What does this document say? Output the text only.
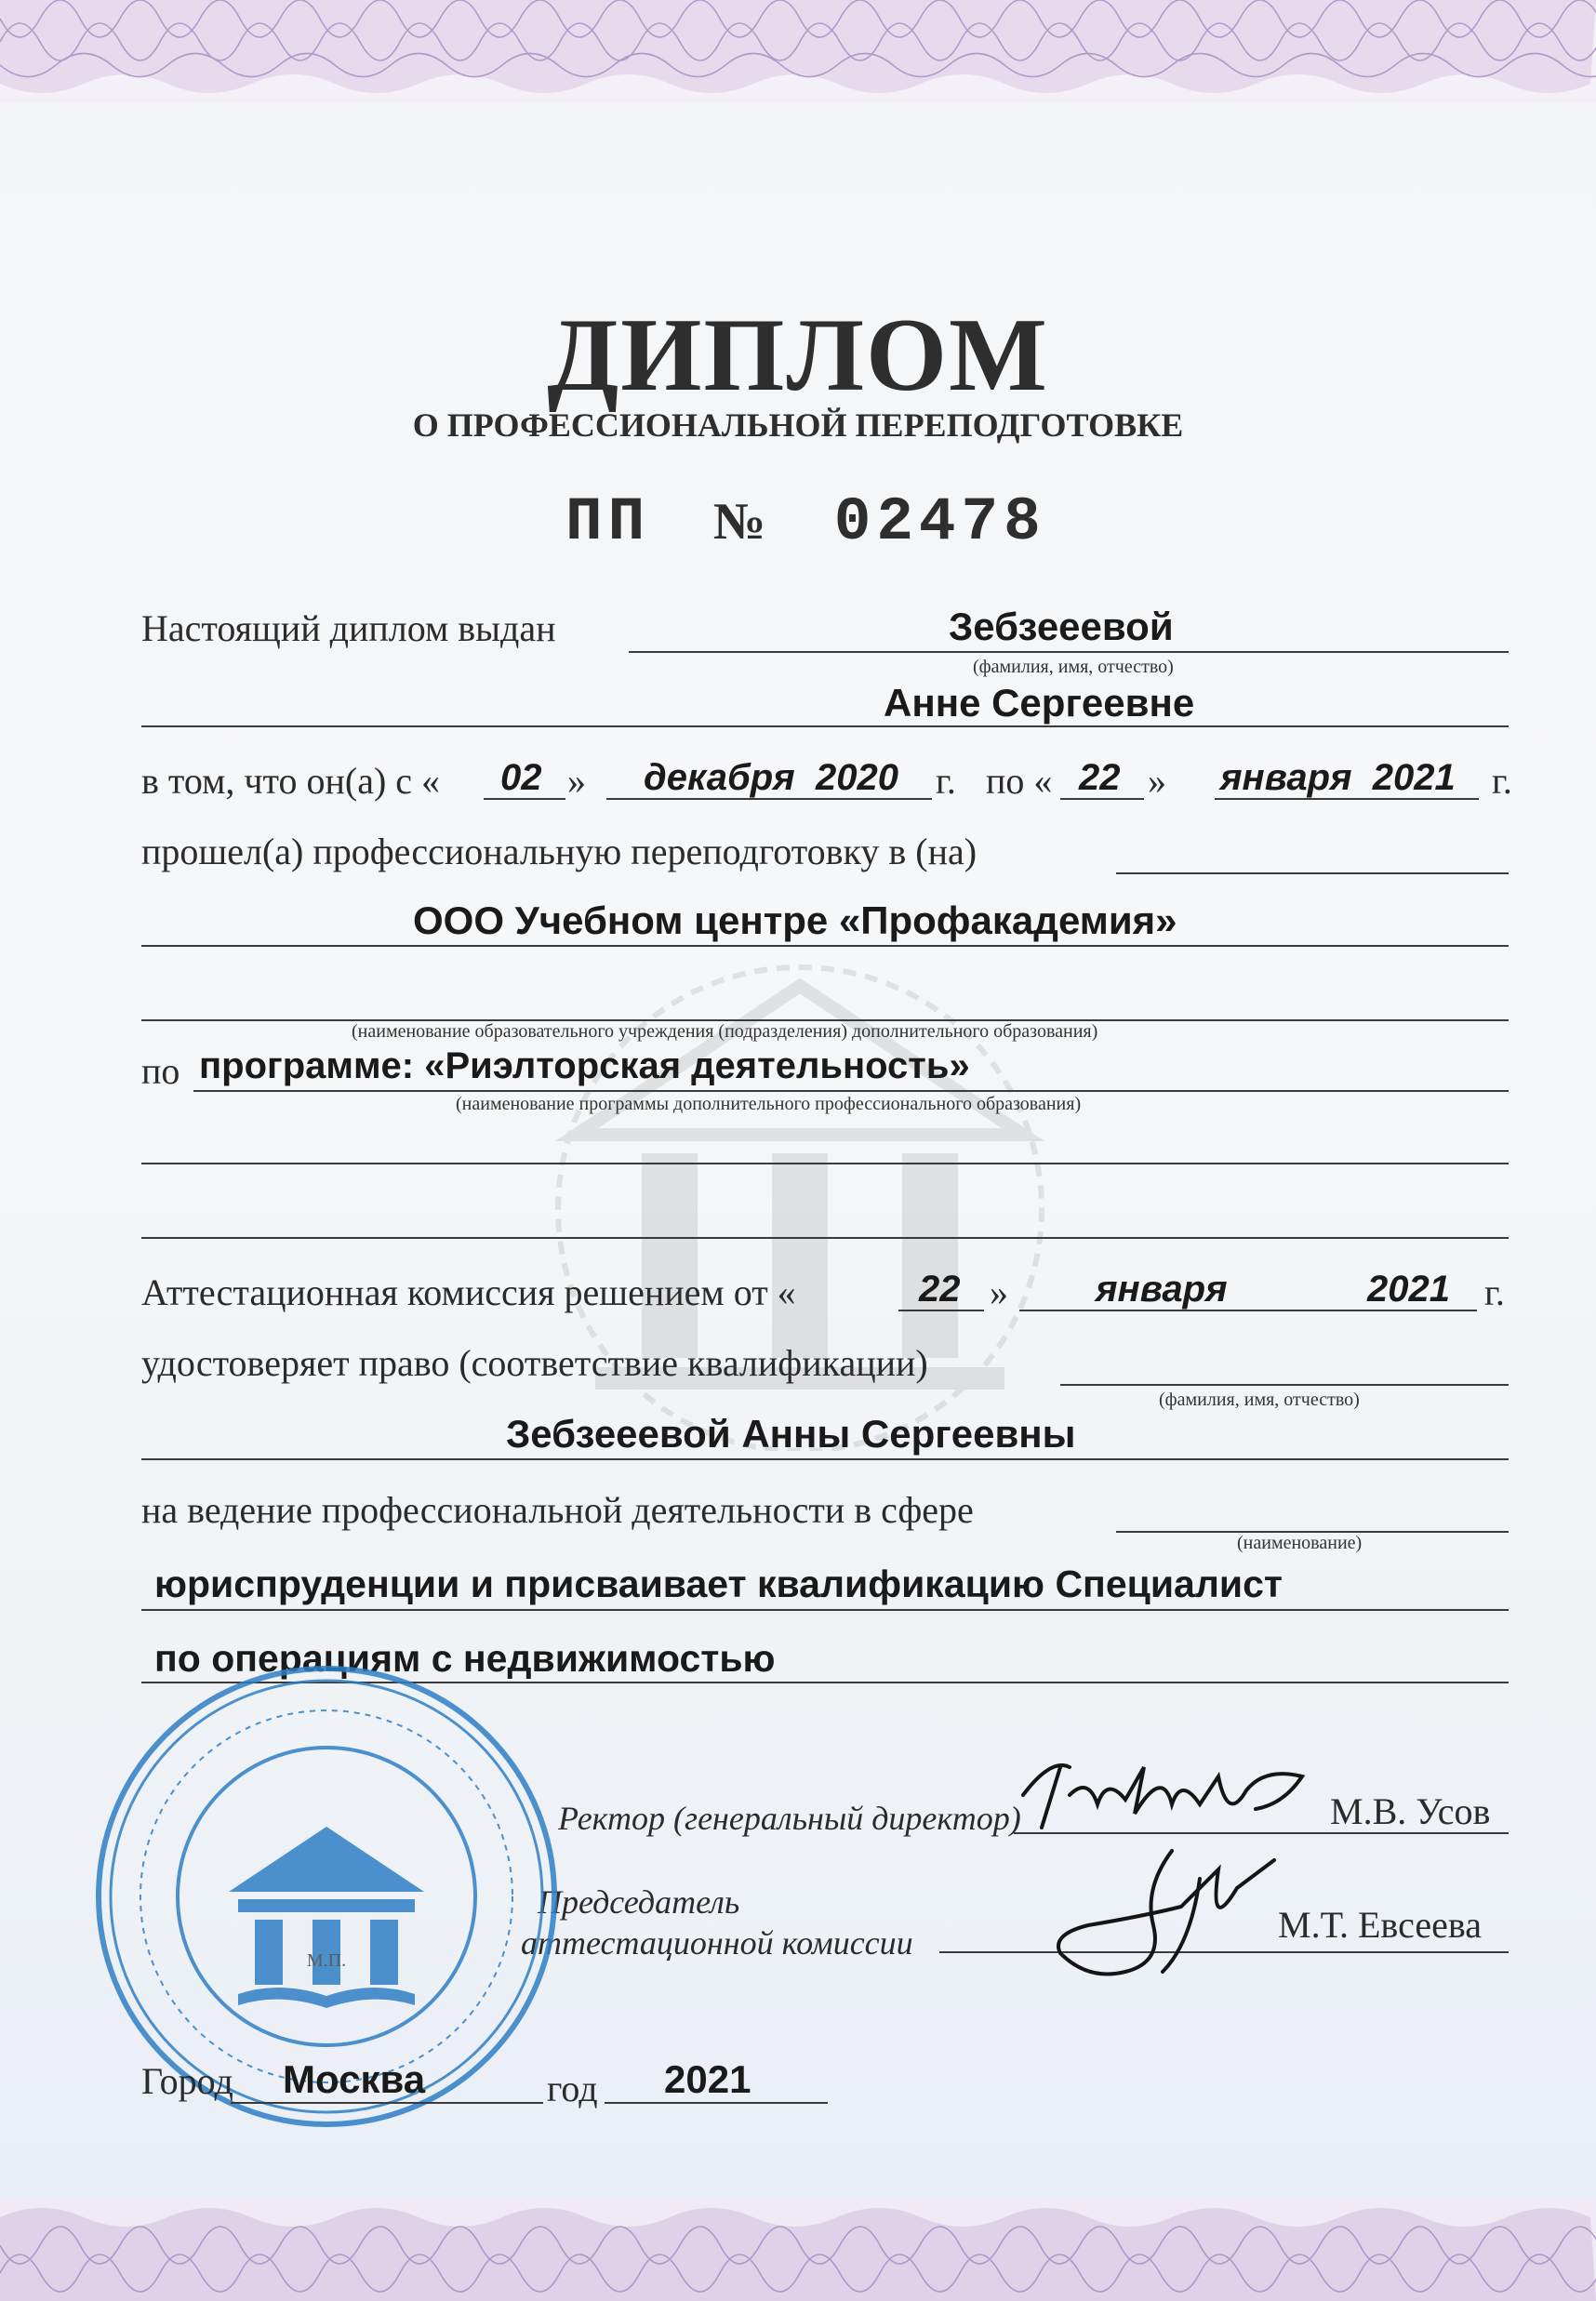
ДИПЛОМ
О ПРОФЕССИОНАЛЬНОЙ ПЕРЕПОДГОТОВКЕ
ПП № 02478
Настоящий диплом выдан	Зебзееевой
(фамилия, имя, отчество)
Анне Сергеевне
в том, что он(а) с « 02 » декабря  2020 г. по « 22 » января  2021 г.
прошел(а) профессиональную переподготовку в (на)
ООО Учебном центре «Профакадемия»
(наименование образовательного учреждения (подразделения) дополнительного образования)
по программе: «Риэлторская деятельность»
(наименование программы дополнительного профессионального образования)
Аттестационная комиссия решением от «	22 » января	2021 г.
удостоверяет право (соответствие квалификации)
(фамилия, имя, отчество)
Зебзееевой Анны Сергеевны
на ведение профессиональной деятельности в сфере
(наименование)
юриспруденции и присваивает квалификацию Специалист
по операциям с недвижимостью
Ректор (генеральный директор)	М.В. Усов
Председатель
аттестационной комиссии	М.Т. Евсеева
М.П.
Город Москва	год 2021
